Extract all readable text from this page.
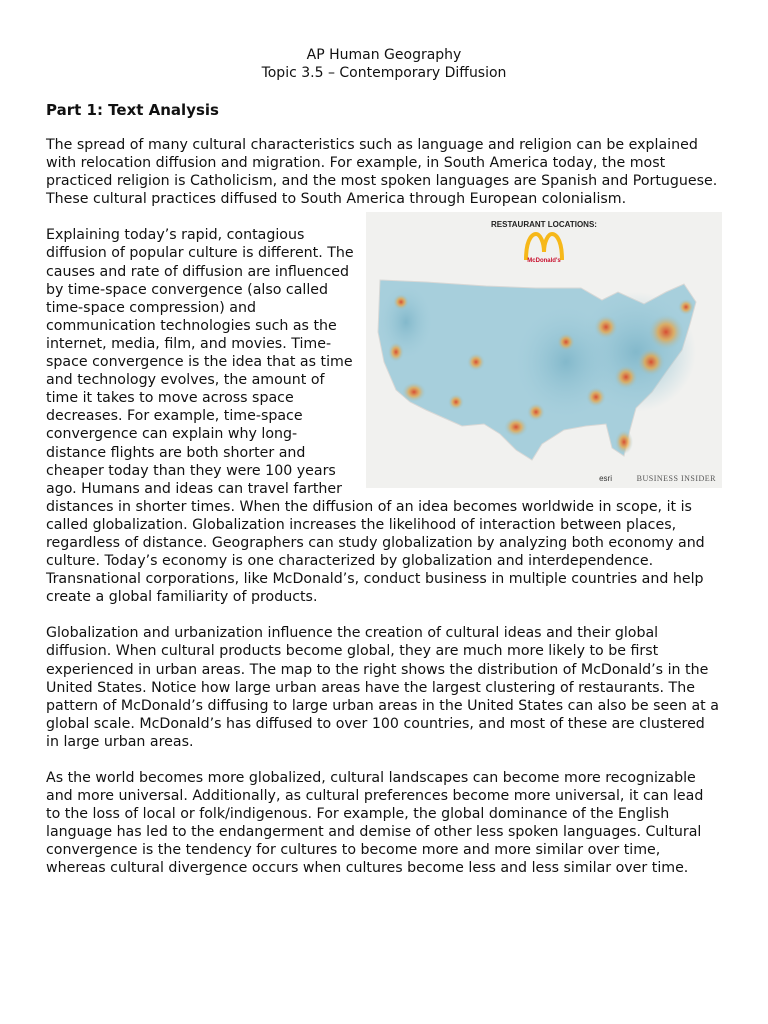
AP Human Geography
Topic 3.5 – Contemporary Diffusion
Part 1: Text Analysis

The spread of many cultural characteristics such as language and religion can be explained with relocation diffusion and migration. For example, in South America today, the most practiced religion is Catholicism, and the most spoken languages are Spanish and Portuguese. These cultural practices diffused to South America through European colonialism.

RESTAURANT LOCATIONS:
McDonald's
esri	BUSINESS INSIDER

Explaining today’s rapid, contagious diffusion of popular culture is different. The causes and rate of diffusion are influenced by time-space convergence (also called time-space compression) and communication technologies such as the internet, media, film, and movies. Time-space convergence is the idea that as time and technology evolves, the amount of time it takes to move across space decreases. For example, time-space convergence can explain why long-distance flights are both shorter and cheaper today than they were 100 years ago. Humans and ideas can travel farther distances in shorter times. When the diffusion of an idea becomes worldwide in scope, it is called globalization. Globalization increases the likelihood of interaction between places, regardless of distance. Geographers can study globalization by analyzing both economy and culture. Today’s economy is one characterized by globalization and interdependence. Transnational corporations, like McDonald’s, conduct business in multiple countries and help create a global familiarity of products.

Globalization and urbanization influence the creation of cultural ideas and their global diffusion. When cultural products become global, they are much more likely to be first experienced in urban areas. The map to the right shows the distribution of McDonald’s in the United States. Notice how large urban areas have the largest clustering of restaurants. The pattern of McDonald’s diffusing to large urban areas in the United States can also be seen at a global scale. McDonald’s has diffused to over 100 countries, and most of these are clustered in large urban areas.

As the world becomes more globalized, cultural landscapes can become more recognizable and more universal. Additionally, as cultural preferences become more universal, it can lead to the loss of local or folk/indigenous. For example, the global dominance of the English language has led to the endangerment and demise of other less spoken languages. Cultural convergence is the tendency for cultures to become more and more similar over time, whereas cultural divergence occurs when cultures become less and less similar over time.
